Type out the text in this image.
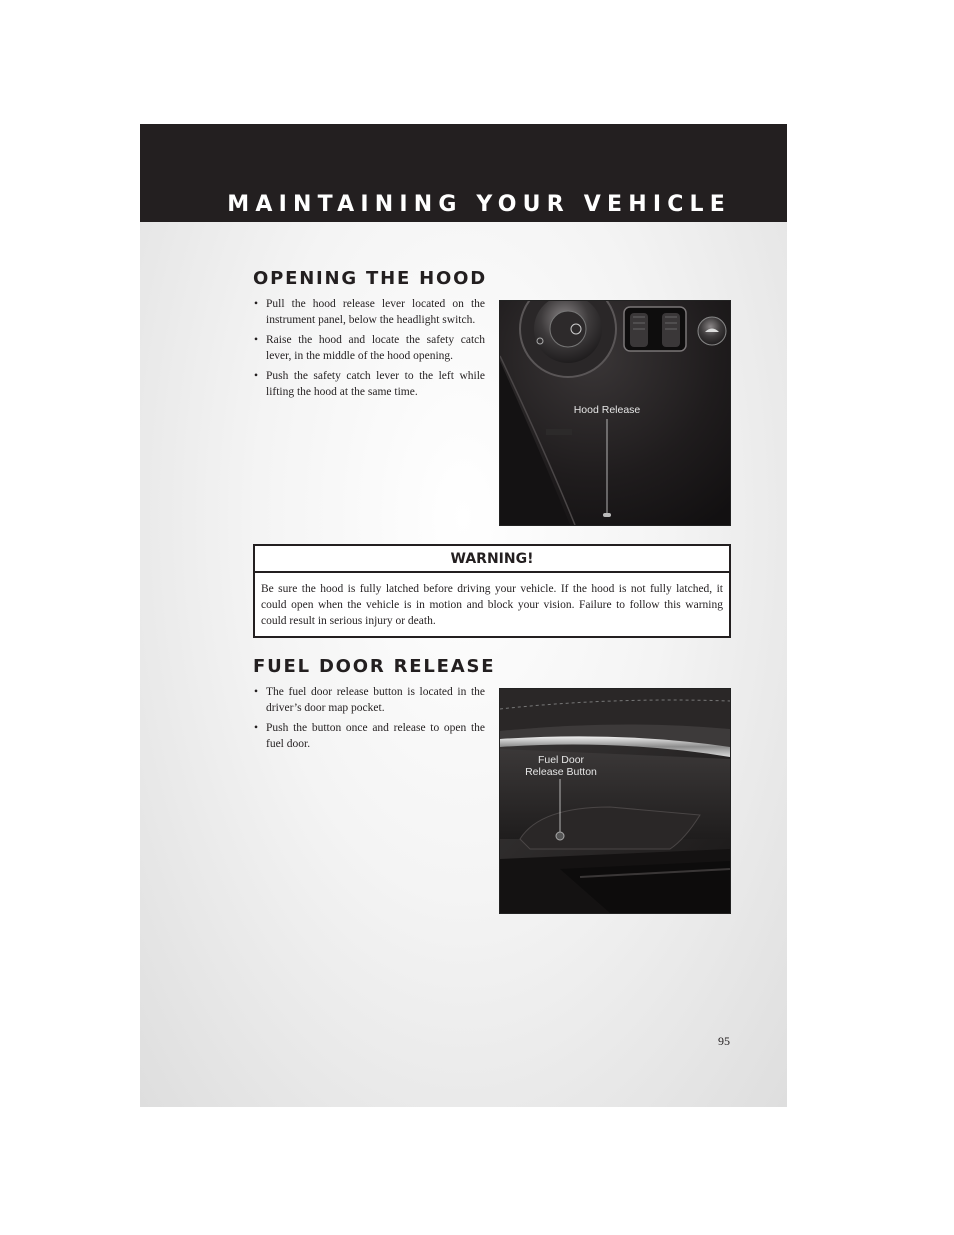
MAINTAINING YOUR VEHICLE
OPENING THE HOOD
• Pull the hood release lever located on the instrument panel, below the headlight switch.
• Raise the hood and locate the safety catch lever, in the middle of the hood opening.
• Push the safety catch lever to the left while lifting the hood at the same time.
Hood Release
WARNING!
Be sure the hood is fully latched before driving your vehicle. If the hood is not fully latched, it could open when the vehicle is in motion and block your vision. Failure to follow this warning could result in serious injury or death.
FUEL DOOR RELEASE
• The fuel door release button is located in the driver’s door map pocket.
• Push the button once and release to open the fuel door.
Fuel Door
Release Button
95
